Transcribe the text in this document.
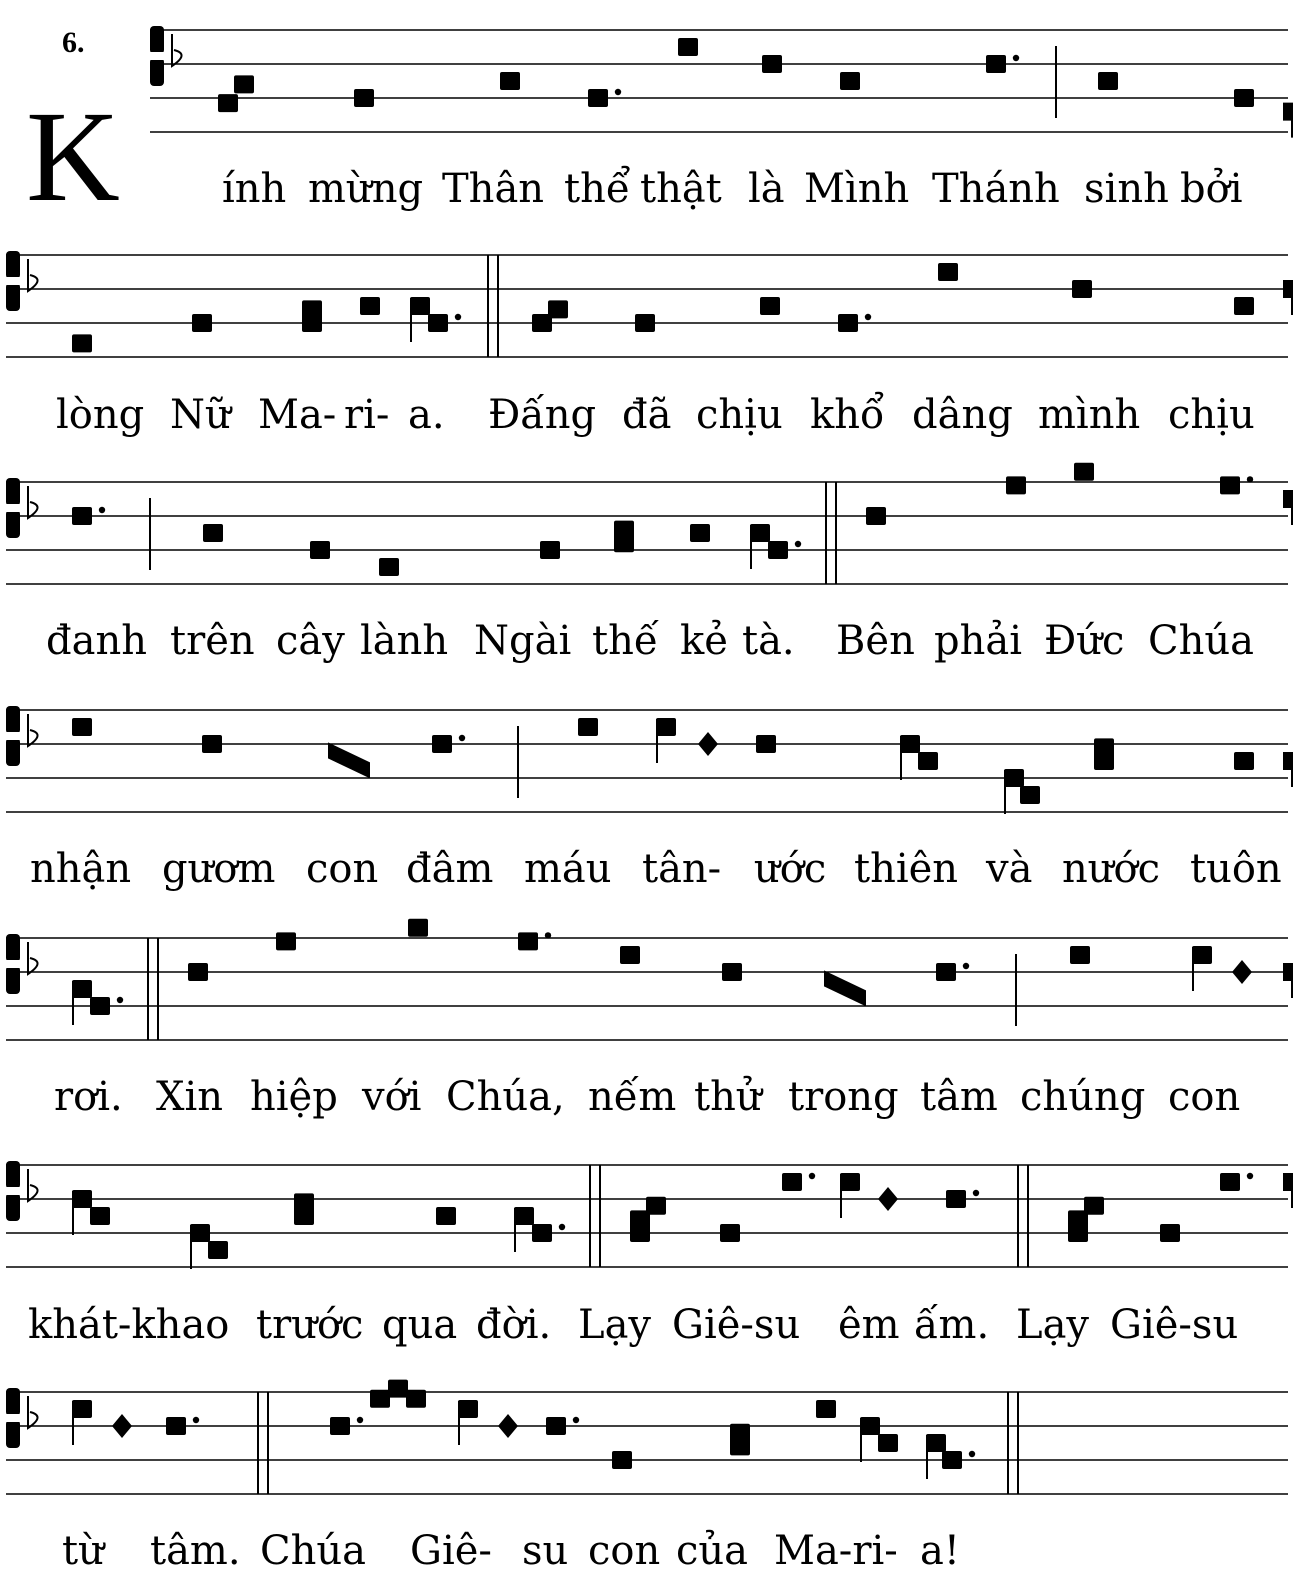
6.
K	ính mừng Thân thể thật là Mình Thánh sinh bởi
lòng Nữ Ma- ri- a. Đấng đã chịu khổ dâng mình chịu
đanh trên cây lành Ngài thế kẻ tà. Bên phải Đức Chúa
nhận gươm con đâm máu tân- ước thiên và nước tuôn
rơi. Xin hiệp với Chúa, nếm thử trong tâm chúng con
khát-khao trước qua đời. Lạy Giê-su êm ấm. Lạy Giê-su
từ tâm. Chúa Giê- su con của Ma-ri- a!
